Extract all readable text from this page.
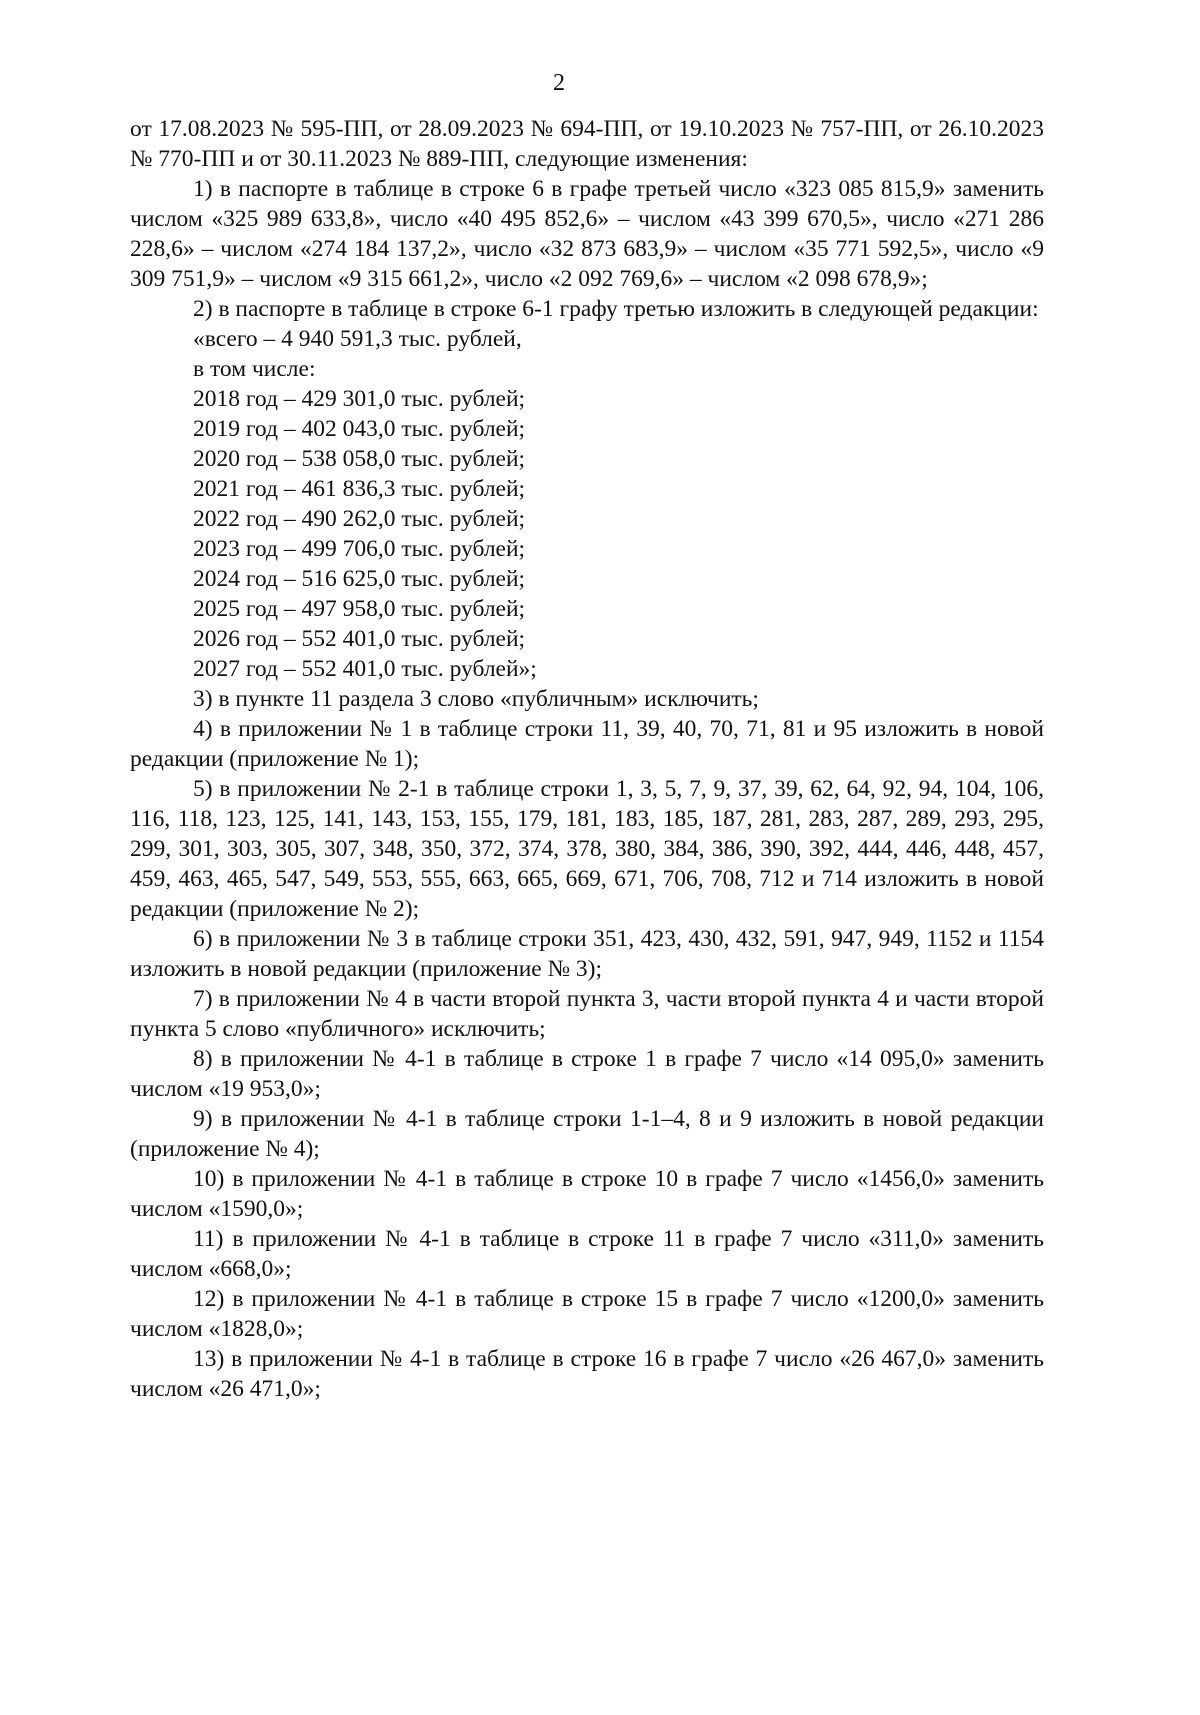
2

от 17.08.2023 № 595-ПП, от 28.09.2023 № 694-ПП, от 19.10.2023 № 757-ПП, от 26.10.2023 № 770-ПП и от 30.11.2023 № 889-ПП, следующие изменения:

1) в паспорте в таблице в строке 6 в графе третьей число «323 085 815,9» заменить числом «325 989 633,8», число «40 495 852,6» – числом «43 399 670,5», число «271 286 228,6» – числом «274 184 137,2», число «32 873 683,9» – числом «35 771 592,5», число «9 309 751,9» – числом «9 315 661,2», число «2 092 769,6» – числом «2 098 678,9»;

2) в паспорте в таблице в строке 6-1 графу третью изложить в следующей редакции:

«всего – 4 940 591,3 тыс. рублей,

в том числе:

2018 год – 429 301,0 тыс. рублей;

2019 год – 402 043,0 тыс. рублей;

2020 год – 538 058,0 тыс. рублей;

2021 год – 461 836,3 тыс. рублей;

2022 год – 490 262,0 тыс. рублей;

2023 год – 499 706,0 тыс. рублей;

2024 год – 516 625,0 тыс. рублей;

2025 год – 497 958,0 тыс. рублей;

2026 год – 552 401,0 тыс. рублей;

2027 год – 552 401,0 тыс. рублей»;

3) в пункте 11 раздела 3 слово «публичным» исключить;

4) в приложении № 1 в таблице строки 11, 39, 40, 70, 71, 81 и 95 изложить в новой редакции (приложение № 1);

5) в приложении № 2-1 в таблице строки 1, 3, 5, 7, 9, 37, 39, 62, 64, 92, 94, 104, 106, 116, 118, 123, 125, 141, 143, 153, 155, 179, 181, 183, 185, 187, 281, 283, 287, 289, 293, 295, 299, 301, 303, 305, 307, 348, 350, 372, 374, 378, 380, 384, 386, 390, 392, 444, 446, 448, 457, 459, 463, 465, 547, 549, 553, 555, 663, 665, 669, 671, 706, 708, 712 и 714 изложить в новой редакции (приложение № 2);

6) в приложении № 3 в таблице строки 351, 423, 430, 432, 591, 947, 949, 1152 и 1154 изложить в новой редакции (приложение № 3);

7) в приложении № 4 в части второй пункта 3, части второй пункта 4 и части второй пункта 5 слово «публичного» исключить;

8) в приложении № 4-1 в таблице в строке 1 в графе 7 число «14 095,0» заменить числом «19 953,0»;

9) в приложении № 4-1 в таблице строки 1-1–4, 8 и 9 изложить в новой редакции (приложение № 4);

10) в приложении № 4-1 в таблице в строке 10 в графе 7 число «1456,0» заменить числом «1590,0»;

11) в приложении № 4-1 в таблице в строке 11 в графе 7 число «311,0» заменить числом «668,0»;

12) в приложении № 4-1 в таблице в строке 15 в графе 7 число «1200,0» заменить числом «1828,0»;

13) в приложении № 4-1 в таблице в строке 16 в графе 7 число «26 467,0» заменить числом «26 471,0»;
